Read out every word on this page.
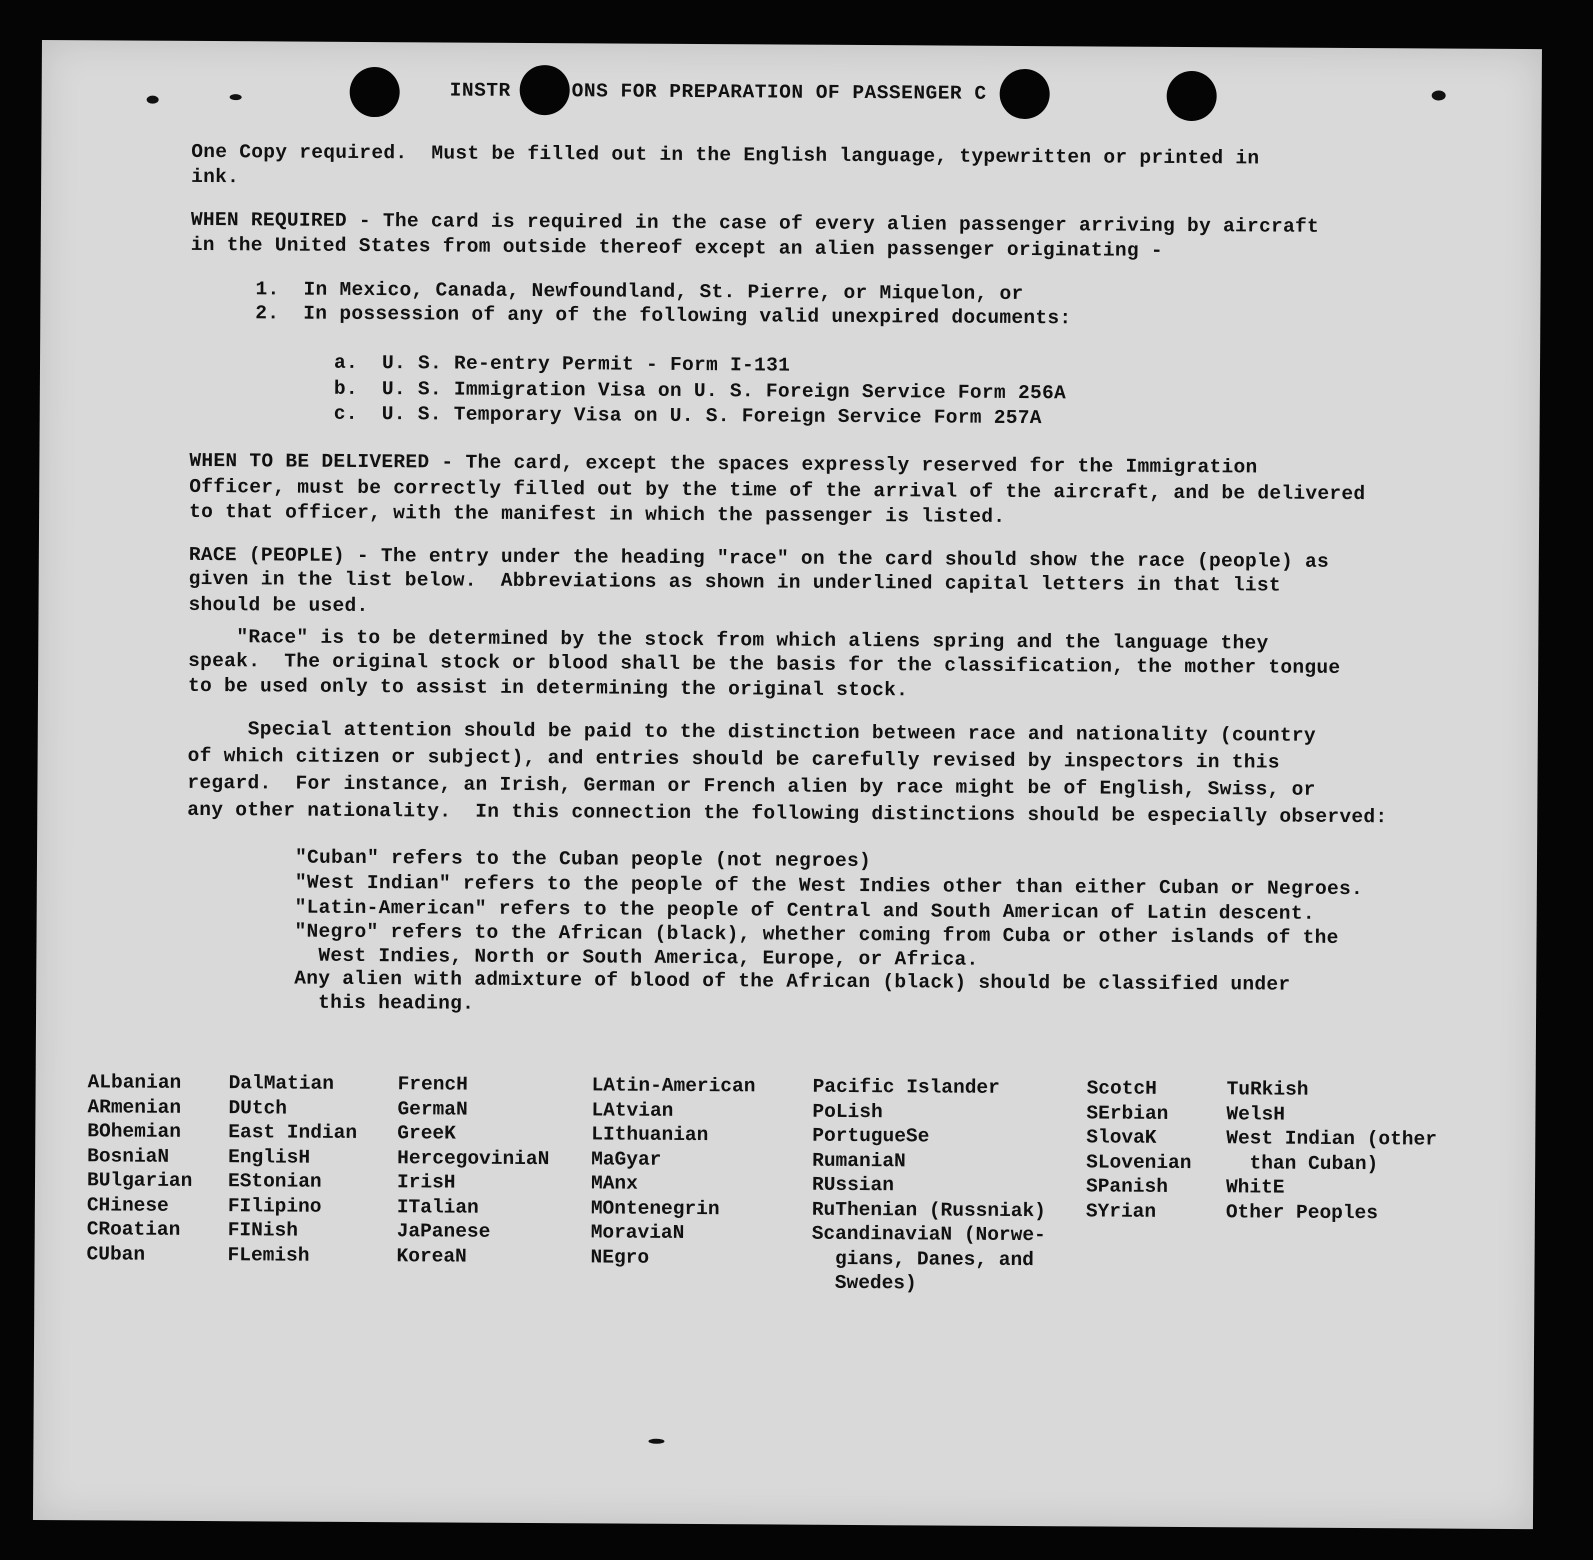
INSTR     ONS FOR PREPARATION OF PASSENGER C
One Copy required.  Must be filled out in the English language, typewritten or printed in
ink.
WHEN REQUIRED - The card is required in the case of every alien passenger arriving by aircraft
in the United States from outside thereof except an alien passenger originating -
1.  In Mexico, Canada, Newfoundland, St. Pierre, or Miquelon, or
2.  In possession of any of the following valid unexpired documents:
a.  U. S. Re-entry Permit - Form I-131
b.  U. S. Immigration Visa on U. S. Foreign Service Form 256A
c.  U. S. Temporary Visa on U. S. Foreign Service Form 257A
WHEN TO BE DELIVERED - The card, except the spaces expressly reserved for the Immigration
Officer, must be correctly filled out by the time of the arrival of the aircraft, and be delivered
to that officer, with the manifest in which the passenger is listed.
RACE (PEOPLE) - The entry under the heading "race" on the card should show the race (people) as
given in the list below.  Abbreviations as shown in underlined capital letters in that list
should be used.
"Race" is to be determined by the stock from which aliens spring and the language they
speak.  The original stock or blood shall be the basis for the classification, the mother tongue
to be used only to assist in determining the original stock.
Special attention should be paid to the distinction between race and nationality (country
of which citizen or subject), and entries should be carefully revised by inspectors in this
regard.  For instance, an Irish, German or French alien by race might be of English, Swiss, or
any other nationality.  In this connection the following distinctions should be especially observed:
"Cuban" refers to the Cuban people (not negroes)
"West Indian" refers to the people of the West Indies other than either Cuban or Negroes.
"Latin-American" refers to the people of Central and South American of Latin descent.
"Negro" refers to the African (black), whether coming from Cuba or other islands of the
West Indies, North or South America, Europe, or Africa.
Any alien with admixture of blood of the African (black) should be classified under
this heading.
ALbanian
ARmenian
BOhemian
BosniaN
BUlgarian
CHinese
CRoatian
CUban
DalMatian
DUtch
East Indian
EnglisH
EStonian
FIlipino
FINish
FLemish
FrencH
GermaN
GreeK
HercegoviniaN
IrisH
ITalian
JaPanese
KoreaN
LAtin-American
LAtvian
LIthuanian
MaGyar
MAnx
MOntenegrin
MoraviaN
NEgro
Pacific Islander
PoLish
PortugueSe
RumaniaN
RUssian
RuThenian (Russniak)
ScandinaviaN (Norwe-
gians, Danes, and
Swedes)
ScotcH
SErbian
SlovaK
SLovenian
SPanish
SYrian
TuRkish
WelsH
West Indian (other
than Cuban)
WhitE
Other Peoples
